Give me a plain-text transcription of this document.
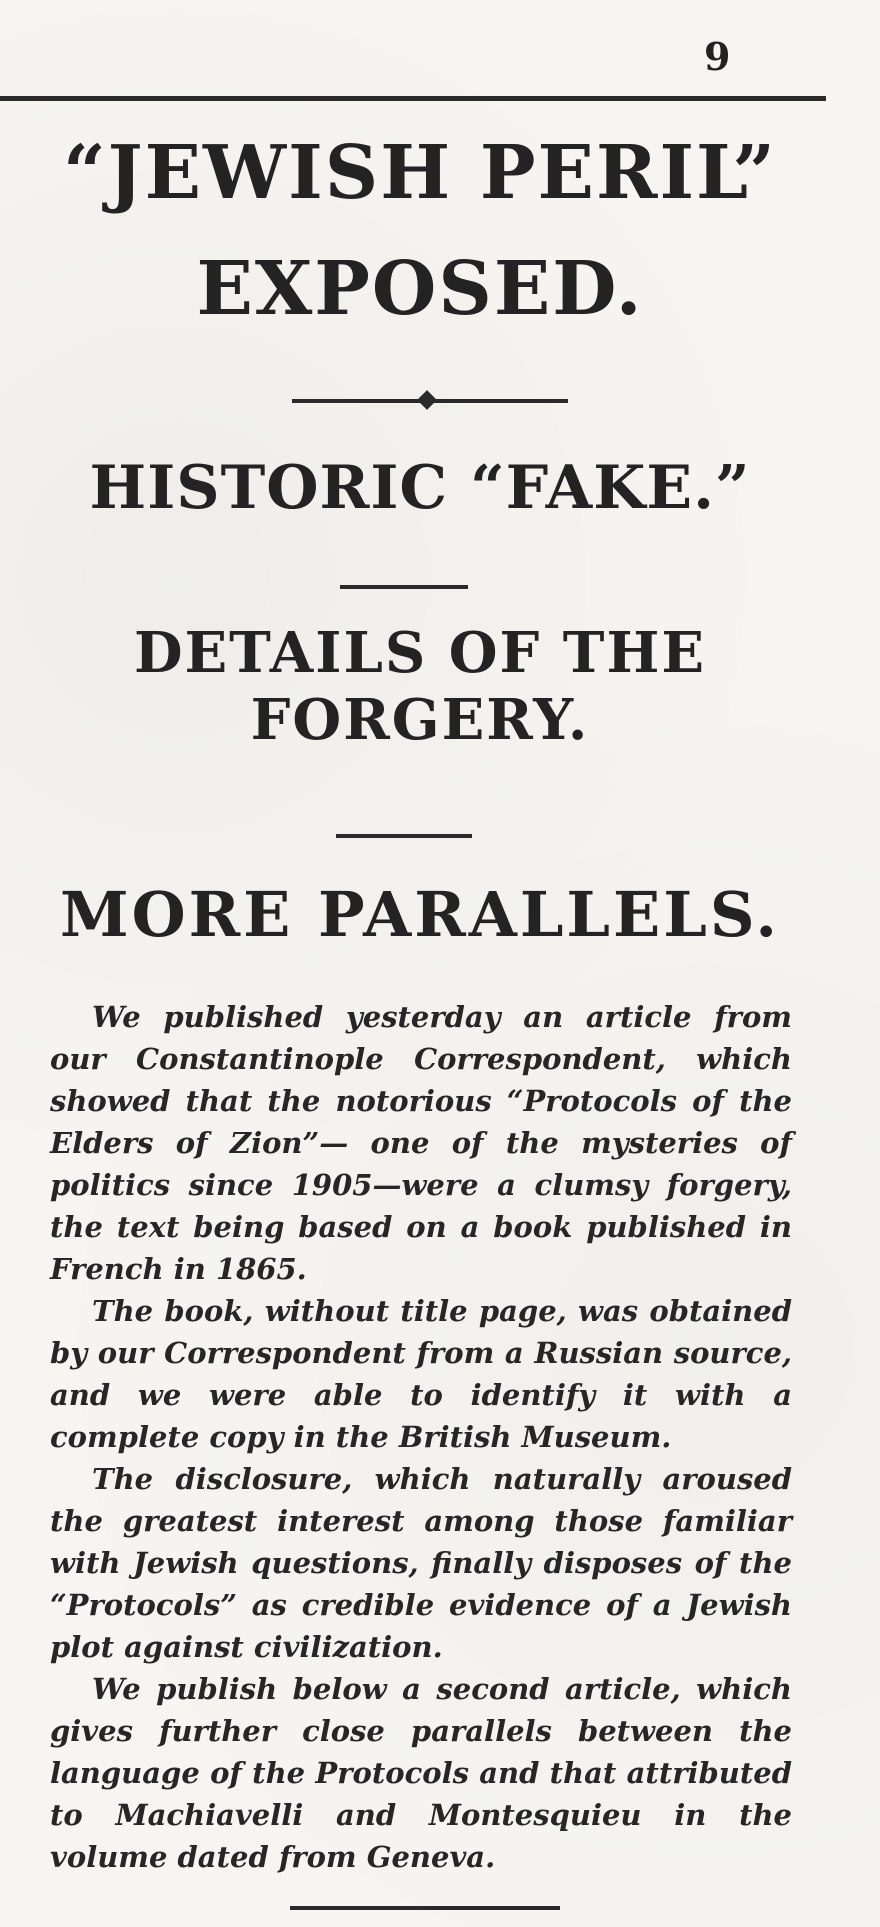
9
“JEWISH PERIL”
EXPOSED.
HISTORIC “FAKE.”
DETAILS OF THE
FORGERY.
MORE PARALLELS.

We published yesterday an article from our Constantinople Correspondent, which showed that the notorious “Protocols of the Elders of Zion”— one of the mysteries of politics since 1905—were a clumsy forgery, the text being based on a book published in French in 1865.

The book, without title page, was obtained by our Correspondent from a Russian source, and we were able to identify it with a complete copy in the British Museum.

The disclosure, which naturally aroused the greatest interest among those familiar with Jewish questions, finally disposes of the “Protocols” as credible evidence of a Jewish plot against civilization.

We publish below a second article, which gives further close parallels between the language of the Protocols and that attributed to Machiavelli and Montesquieu in the volume dated from Geneva.
